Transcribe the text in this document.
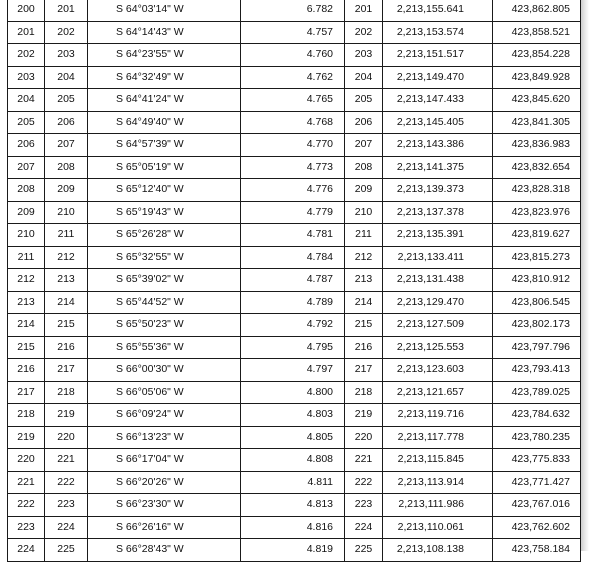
200	201	S 64°03'14" W	6.782	201	2,213,155.641	423,862.805
201	202	S 64°14'43" W	4.757	202	2,213,153.574	423,858.521
202	203	S 64°23'55" W	4.760	203	2,213,151.517	423,854.228
203	204	S 64°32'49" W	4.762	204	2,213,149.470	423,849.928
204	205	S 64°41'24" W	4.765	205	2,213,147.433	423,845.620
205	206	S 64°49'40" W	4.768	206	2,213,145.405	423,841.305
206	207	S 64°57'39" W	4.770	207	2,213,143.386	423,836.983
207	208	S 65°05'19" W	4.773	208	2,213,141.375	423,832.654
208	209	S 65°12'40" W	4.776	209	2,213,139.373	423,828.318
209	210	S 65°19'43" W	4.779	210	2,213,137.378	423,823.976
210	211	S 65°26'28" W	4.781	211	2,213,135.391	423,819.627
211	212	S 65°32'55" W	4.784	212	2,213,133.411	423,815.273
212	213	S 65°39'02" W	4.787	213	2,213,131.438	423,810.912
213	214	S 65°44'52" W	4.789	214	2,213,129.470	423,806.545
214	215	S 65°50'23" W	4.792	215	2,213,127.509	423,802.173
215	216	S 65°55'36" W	4.795	216	2,213,125.553	423,797.796
216	217	S 66°00'30" W	4.797	217	2,213,123.603	423,793.413
217	218	S 66°05'06" W	4.800	218	2,213,121.657	423,789.025
218	219	S 66°09'24" W	4.803	219	2,213,119.716	423,784.632
219	220	S 66°13'23" W	4.805	220	2,213,117.778	423,780.235
220	221	S 66°17'04" W	4.808	221	2,213,115.845	423,775.833
221	222	S 66°20'26" W	4.811	222	2,213,113.914	423,771.427
222	223	S 66°23'30" W	4.813	223	2,213,111.986	423,767.016
223	224	S 66°26'16" W	4.816	224	2,213,110.061	423,762.602
224	225	S 66°28'43" W	4.819	225	2,213,108.138	423,758.184
